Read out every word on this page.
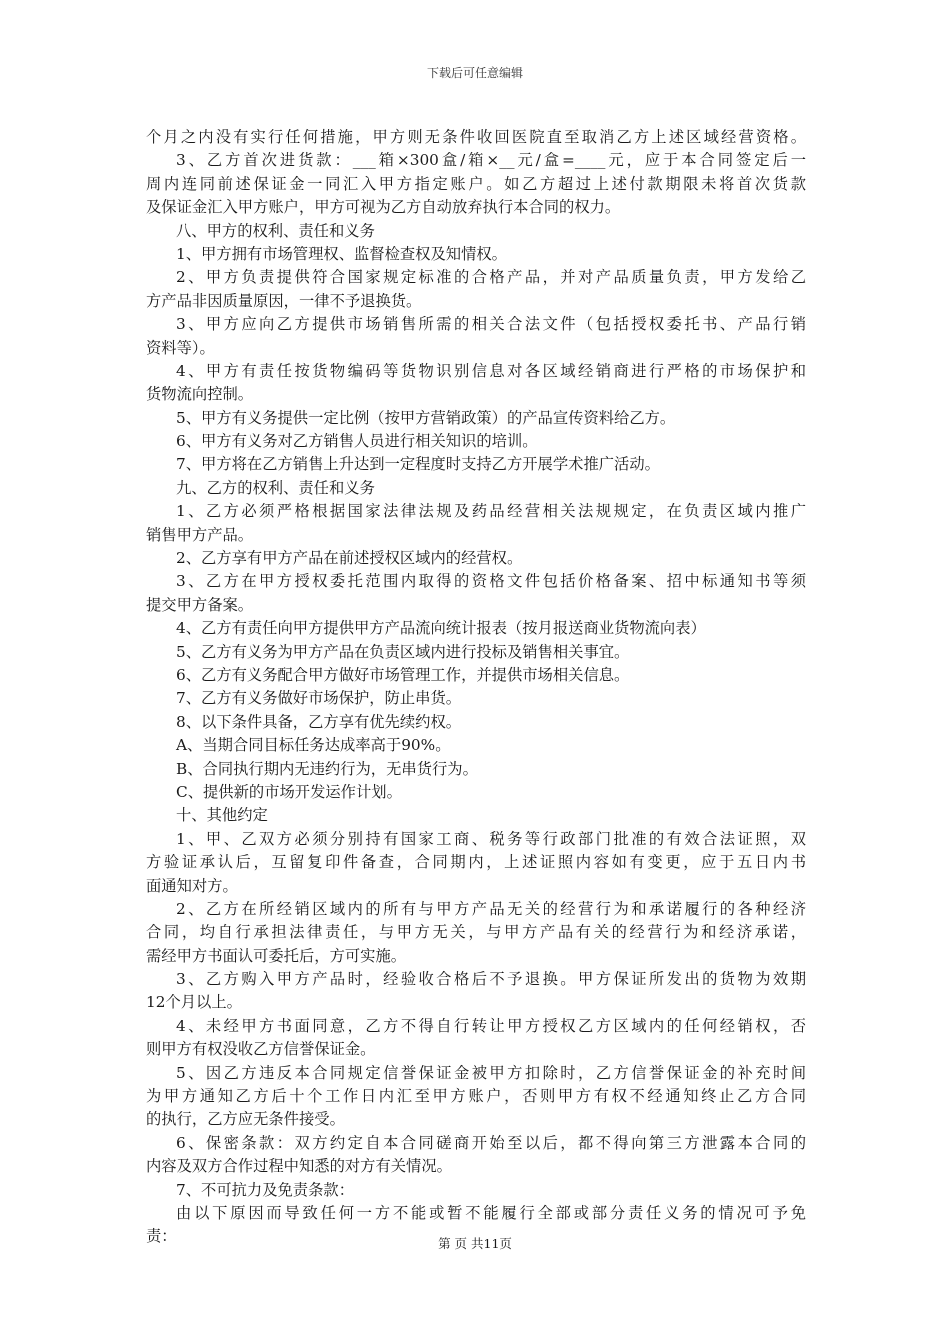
下载后可任意编辑
个月之内没有实行任何措施，甲方则无条件收回医院直至取消乙方上述区域经营资格。
3、乙方首次进货款：___箱×300盒/箱×__元/盒=____元，应于本合同签定后一
周内连同前述保证金一同汇入甲方指定账户。如乙方超过上述付款期限未将首次货款
及保证金汇入甲方账户，甲方可视为乙方自动放弃执行本合同的权力。
八、甲方的权利、责任和义务
1、甲方拥有市场管理权、监督检查权及知情权。
2、甲方负责提供符合国家规定标准的合格产品，并对产品质量负责，甲方发给乙
方产品非因质量原因，一律不予退换货。
3、甲方应向乙方提供市场销售所需的相关合法文件（包括授权委托书、产品行销
资料等）。
4、甲方有责任按货物编码等货物识别信息对各区域经销商进行严格的市场保护和
货物流向控制。
5、甲方有义务提供一定比例（按甲方营销政策）的产品宣传资料给乙方。
6、甲方有义务对乙方销售人员进行相关知识的培训。
7、甲方将在乙方销售上升达到一定程度时支持乙方开展学术推广活动。
九、乙方的权利、责任和义务
1、乙方必须严格根据国家法律法规及药品经营相关法规规定，在负责区域内推广
销售甲方产品。
2、乙方享有甲方产品在前述授权区域内的经营权。
3、乙方在甲方授权委托范围内取得的资格文件包括价格备案、招中标通知书等须
提交甲方备案。
4、乙方有责任向甲方提供甲方产品流向统计报表（按月报送商业货物流向表）
5、乙方有义务为甲方产品在负责区域内进行投标及销售相关事宜。
6、乙方有义务配合甲方做好市场管理工作，并提供市场相关信息。
7、乙方有义务做好市场保护，防止串货。
8、以下条件具备，乙方享有优先续约权。
A、当期合同目标任务达成率高于90%。
B、合同执行期内无违约行为，无串货行为。
C、提供新的市场开发运作计划。
十、其他约定
1、甲、乙双方必须分别持有国家工商、税务等行政部门批准的有效合法证照，双
方验证承认后，互留复印件备查，合同期内，上述证照内容如有变更，应于五日内书
面通知对方。
2、乙方在所经销区域内的所有与甲方产品无关的经营行为和承诺履行的各种经济
合同，均自行承担法律责任，与甲方无关，与甲方产品有关的经营行为和经济承诺，
需经甲方书面认可委托后，方可实施。
3、乙方购入甲方产品时，经验收合格后不予退换。甲方保证所发出的货物为效期
12个月以上。
4、未经甲方书面同意，乙方不得自行转让甲方授权乙方区域内的任何经销权，否
则甲方有权没收乙方信誉保证金。
5、因乙方违反本合同规定信誉保证金被甲方扣除时，乙方信誉保证金的补充时间
为甲方通知乙方后十个工作日内汇至甲方账户，否则甲方有权不经通知终止乙方合同
的执行，乙方应无条件接受。
6、保密条款：双方约定自本合同磋商开始至以后，都不得向第三方泄露本合同的
内容及双方合作过程中知悉的对方有关情况。
7、不可抗力及免责条款：
由以下原因而导致任何一方不能或暂不能履行全部或部分责任义务的情况可予免
责：	第 页 共11页
